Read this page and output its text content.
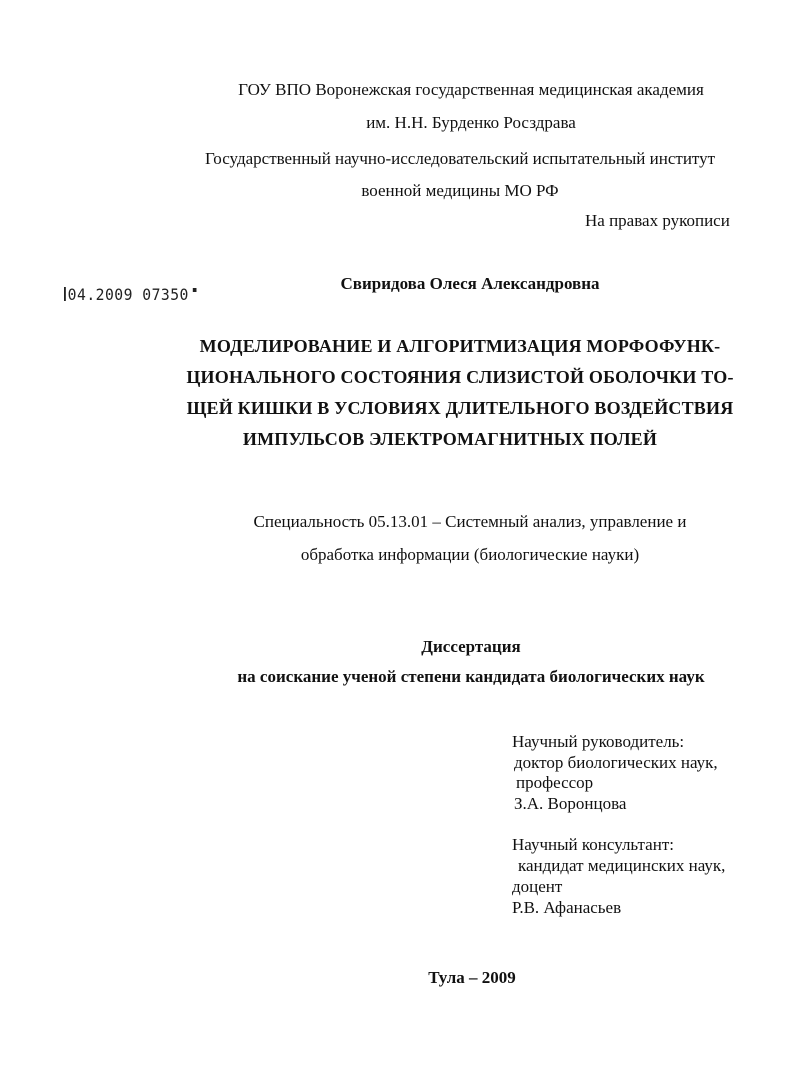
ГОУ ВПО Воронежская государственная медицинская академия
им. Н.Н. Бурденко Росздрава
Государственный научно-исследовательский испытательный институт
военной медицины МО РФ
На правах рукописи
04.2009 07350
Свиридова Олеся Александровна
МОДЕЛИРОВАНИЕ И АЛГОРИТМИЗАЦИЯ МОРФОФУНК-
ЦИОНАЛЬНОГО СОСТОЯНИЯ СЛИЗИСТОЙ ОБОЛОЧКИ ТО-
ЩЕЙ КИШКИ В УСЛОВИЯХ ДЛИТЕЛЬНОГО ВОЗДЕЙСТВИЯ
ИМПУЛЬСОВ ЭЛЕКТРОМАГНИТНЫХ ПОЛЕЙ
Специальность 05.13.01 – Системный анализ, управление и
обработка информации (биологические науки)
Диссертация
на соискание ученой степени кандидата биологических наук
Научный руководитель:
доктор биологических наук,
профессор
З.А. Воронцова
Научный консультант:
кандидат медицинских наук,
доцент
Р.В. Афанасьев
Тула – 2009
